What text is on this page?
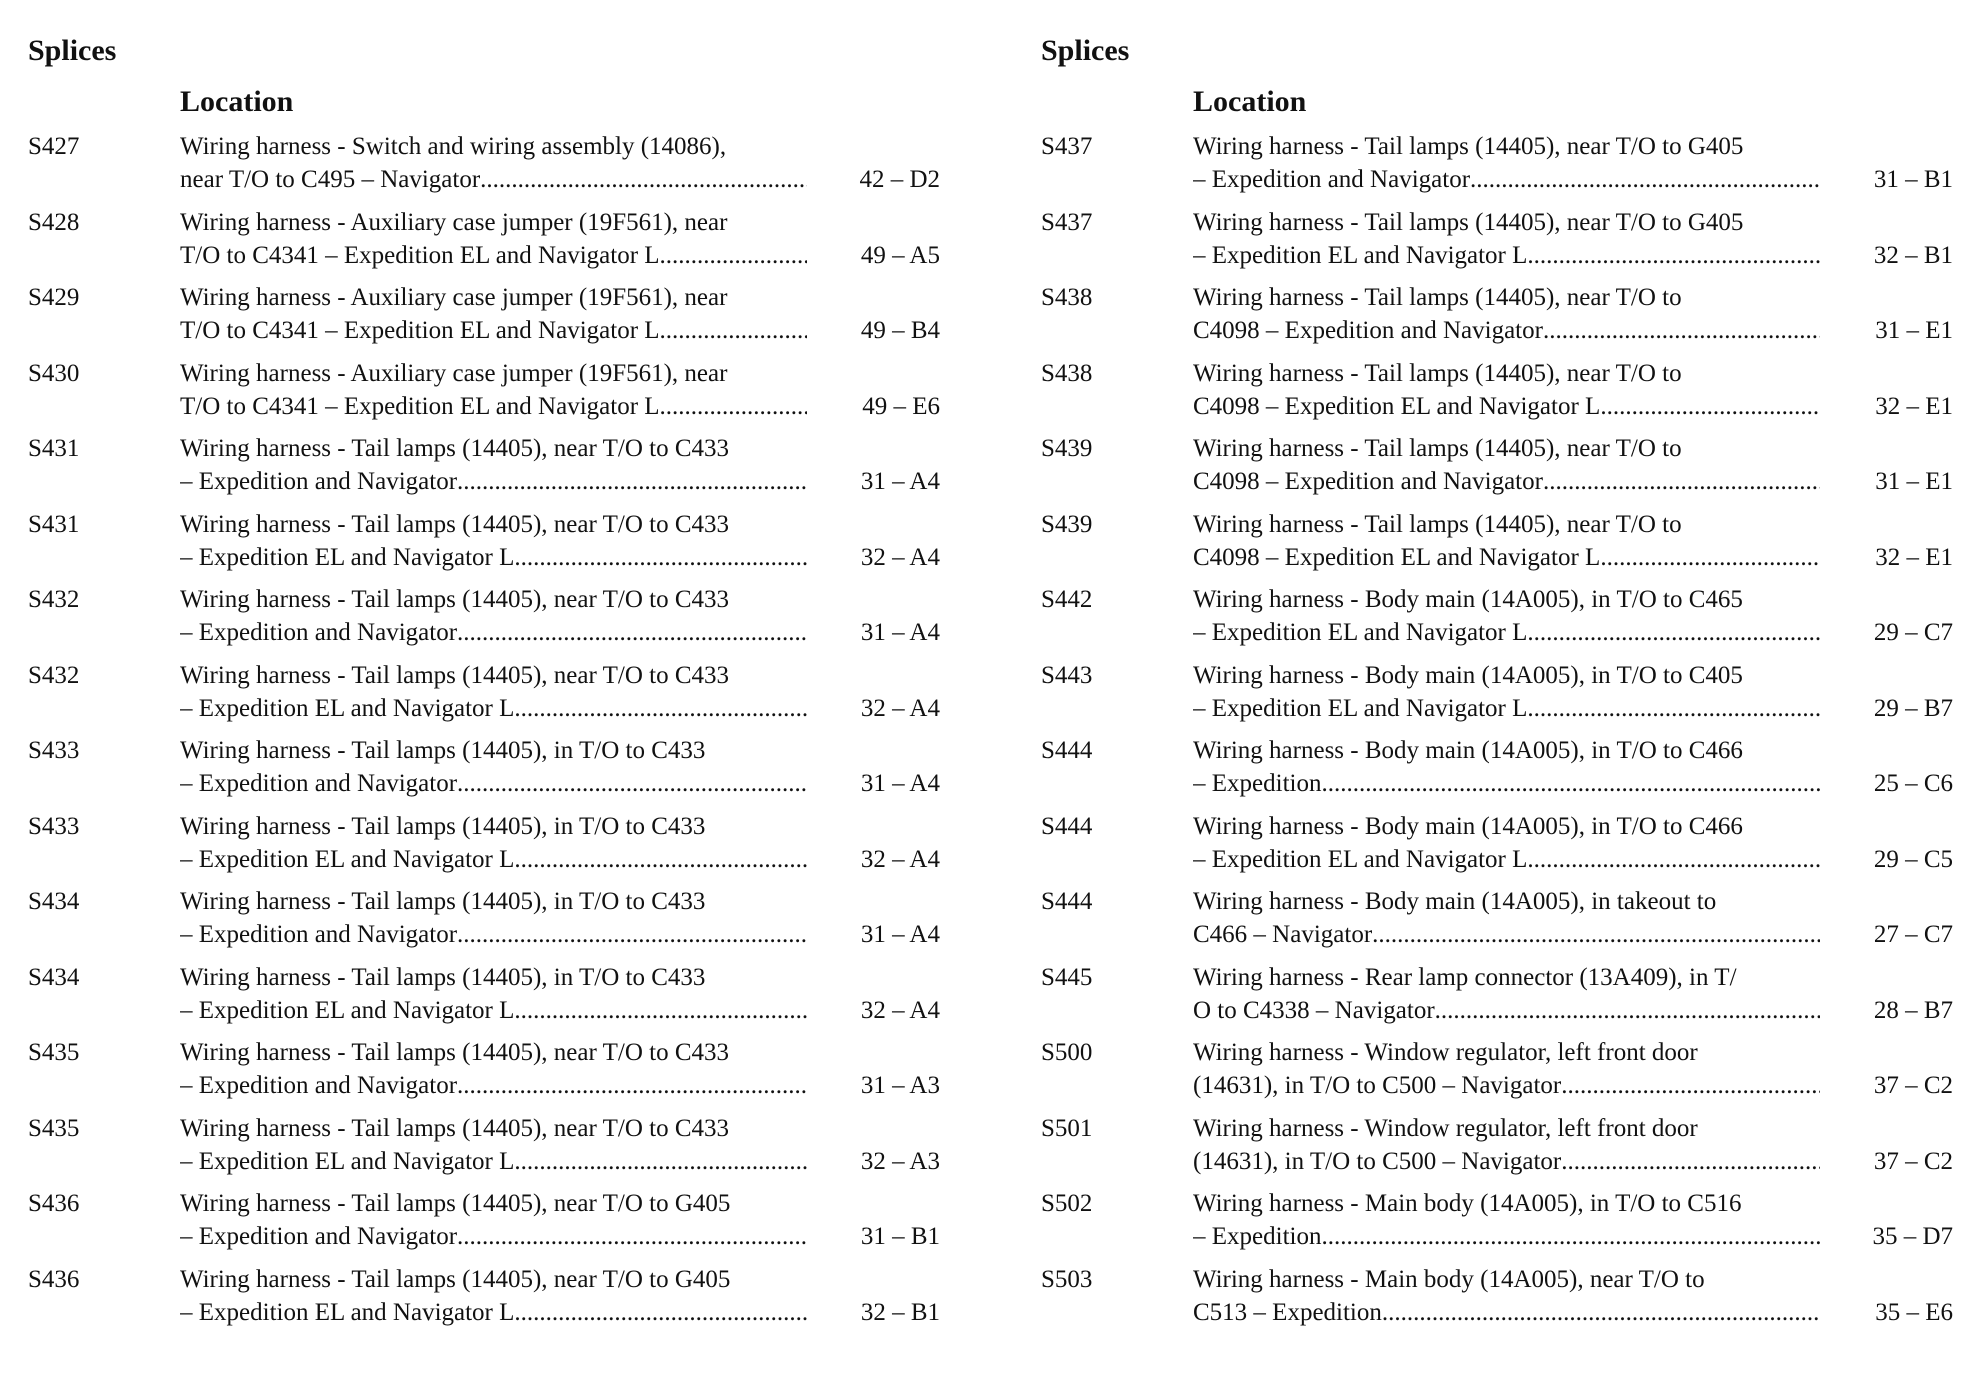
Splices
Location
S427	Wiring harness - Switch and wiring assembly (14086),
near T/O to C495 – Navigator .....	42 – D2
S428	Wiring harness - Auxiliary case jumper (19F561), near
T/O to C4341 – Expedition EL and Navigator L .....	49 – A5
S429	Wiring harness - Auxiliary case jumper (19F561), near
T/O to C4341 – Expedition EL and Navigator L .....	49 – B4
S430	Wiring harness - Auxiliary case jumper (19F561), near
T/O to C4341 – Expedition EL and Navigator L .....	49 – E6
S431	Wiring harness - Tail lamps (14405), near T/O to C433
– Expedition and Navigator .....	31 – A4
S431	Wiring harness - Tail lamps (14405), near T/O to C433
– Expedition EL and Navigator L .....	32 – A4
S432	Wiring harness - Tail lamps (14405), near T/O to C433
– Expedition and Navigator .....	31 – A4
S432	Wiring harness - Tail lamps (14405), near T/O to C433
– Expedition EL and Navigator L .....	32 – A4
S433	Wiring harness - Tail lamps (14405), in T/O to C433
– Expedition and Navigator .....	31 – A4
S433	Wiring harness - Tail lamps (14405), in T/O to C433
– Expedition EL and Navigator L .....	32 – A4
S434	Wiring harness - Tail lamps (14405), in T/O to C433
– Expedition and Navigator .....	31 – A4
S434	Wiring harness - Tail lamps (14405), in T/O to C433
– Expedition EL and Navigator L .....	32 – A4
S435	Wiring harness - Tail lamps (14405), near T/O to C433
– Expedition and Navigator .....	31 – A3
S435	Wiring harness - Tail lamps (14405), near T/O to C433
– Expedition EL and Navigator L .....	32 – A3
S436	Wiring harness - Tail lamps (14405), near T/O to G405
– Expedition and Navigator .....	31 – B1
S436	Wiring harness - Tail lamps (14405), near T/O to G405
– Expedition EL and Navigator L .....	32 – B1
Splices
Location
S437	Wiring harness - Tail lamps (14405), near T/O to G405
– Expedition and Navigator .....	31 – B1
S437	Wiring harness - Tail lamps (14405), near T/O to G405
– Expedition EL and Navigator L .....	32 – B1
S438	Wiring harness - Tail lamps (14405), near T/O to
C4098 – Expedition and Navigator .....	31 – E1
S438	Wiring harness - Tail lamps (14405), near T/O to
C4098 – Expedition EL and Navigator L .....	32 – E1
S439	Wiring harness - Tail lamps (14405), near T/O to
C4098 – Expedition and Navigator .....	31 – E1
S439	Wiring harness - Tail lamps (14405), near T/O to
C4098 – Expedition EL and Navigator L .....	32 – E1
S442	Wiring harness - Body main (14A005), in T/O to C465
– Expedition EL and Navigator L .....	29 – C7
S443	Wiring harness - Body main (14A005), in T/O to C405
– Expedition EL and Navigator L .....	29 – B7
S444	Wiring harness - Body main (14A005), in T/O to C466
– Expedition .....	25 – C6
S444	Wiring harness - Body main (14A005), in T/O to C466
– Expedition EL and Navigator L .....	29 – C5
S444	Wiring harness - Body main (14A005), in takeout to
C466 – Navigator .....	27 – C7
S445	Wiring harness - Rear lamp connector (13A409), in T/
O to C4338 – Navigator .....	28 – B7
S500	Wiring harness - Window regulator, left front door
(14631), in T/O to C500 – Navigator .....	37 – C2
S501	Wiring harness - Window regulator, left front door
(14631), in T/O to C500 – Navigator .....	37 – C2
S502	Wiring harness - Main body (14A005), in T/O to C516
– Expedition .....	35 – D7
S503	Wiring harness - Main body (14A005), near T/O to
C513 – Expedition .....	35 – E6
